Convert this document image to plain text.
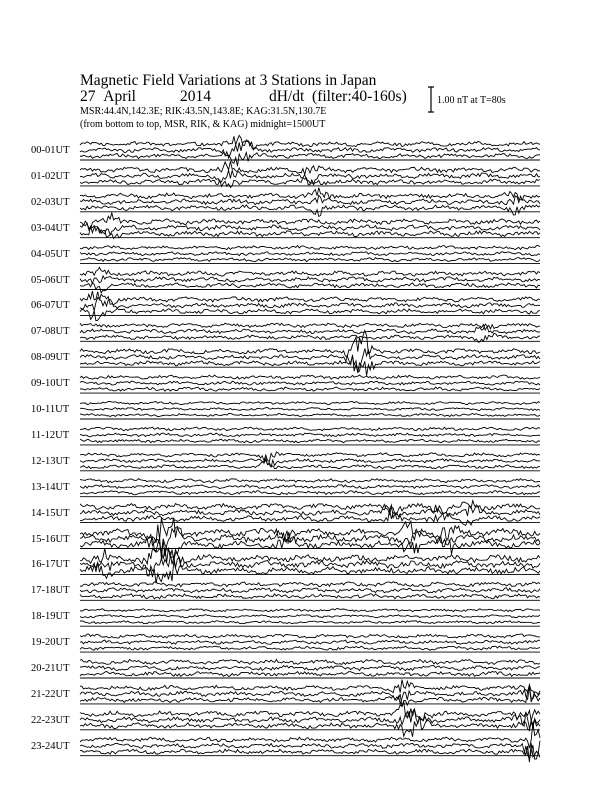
Magnetic Field Variations at 3 Stations in Japan
27 April	2014	dH/dt (filter:40-160s)
MSR:44.4N,142.3E; RIK:43.5N,143.8E; KAG:31.5N,130.7E
(from bottom to top, MSR, RIK, & KAG) midnight=1500UT
1.00 nT at T=80s
00-01UT
01-02UT
02-03UT
03-04UT
04-05UT
05-06UT
06-07UT
07-08UT
08-09UT
09-10UT
10-11UT
11-12UT
12-13UT
13-14UT
14-15UT
15-16UT
16-17UT
17-18UT
18-19UT
19-20UT
20-21UT
21-22UT
22-23UT
23-24UT
